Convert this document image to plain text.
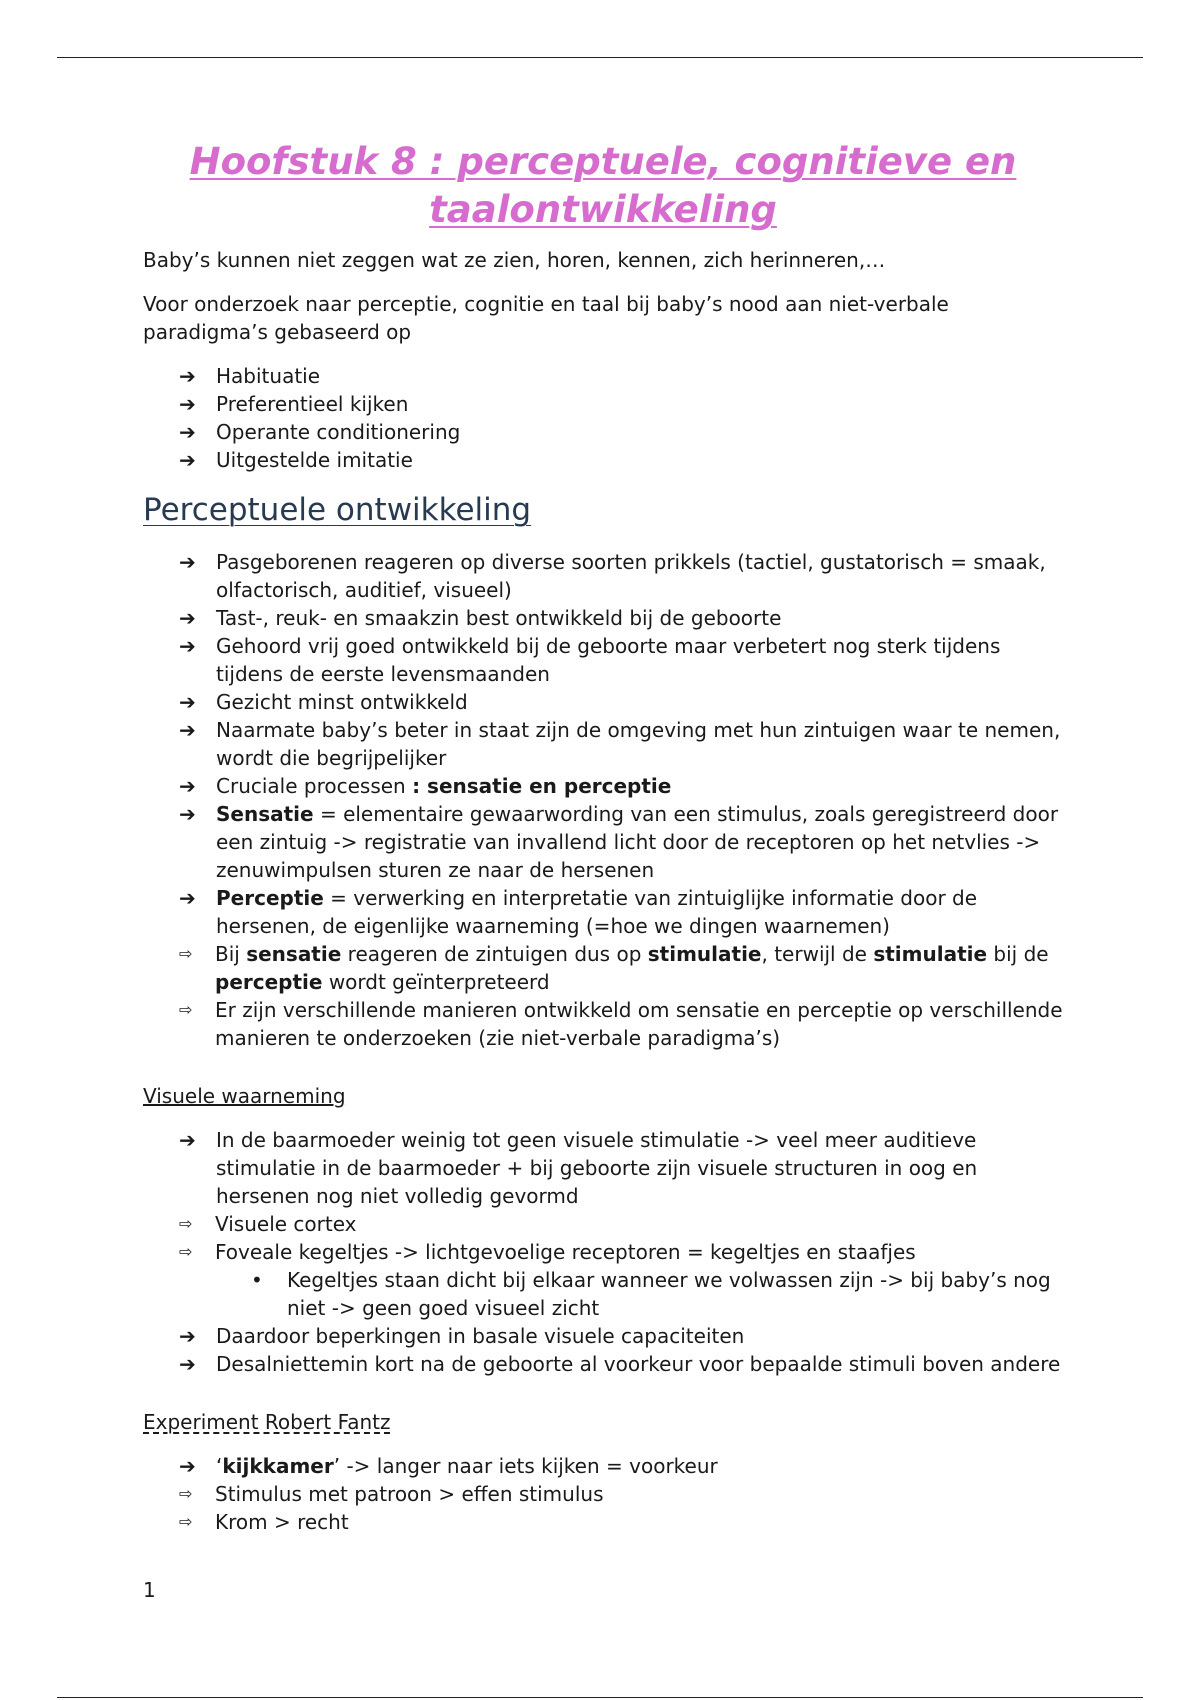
Hoofstuk 8 : perceptuele, cognitieve en taalontwikkeling

Baby’s kunnen niet zeggen wat ze zien, horen, kennen, zich herinneren,…

Voor onderzoek naar perceptie, cognitie en taal bij baby’s nood aan niet-verbale paradigma’s gebaseerd op

➔	Habituatie
➔	Preferentieel kijken
➔	Operante conditionering
➔	Uitgestelde imitatie
Perceptuele ontwikkeling
➔	Pasgeborenen reageren op diverse soorten prikkels (tactiel, gustatorisch = smaak, olfactorisch, auditief, visueel)
➔	Tast-, reuk- en smaakzin best ontwikkeld bij de geboorte
➔	Gehoord vrij goed ontwikkeld bij de geboorte maar verbetert nog sterk tijdens tijdens de eerste levensmaanden
➔	Gezicht minst ontwikkeld
➔	Naarmate baby’s beter in staat zijn de omgeving met hun zintuigen waar te nemen, wordt die begrijpelijker
➔	Cruciale processen : sensatie en perceptie
➔	Sensatie = elementaire gewaarwording van een stimulus, zoals geregistreerd door een zintuig -> registratie van invallend licht door de receptoren op het netvlies -> zenuwimpulsen sturen ze naar de hersenen
➔	Perceptie = verwerking en interpretatie van zintuiglijke informatie door de hersenen, de eigenlijke waarneming (=hoe we dingen waarnemen)
⇨	Bij sensatie reageren de zintuigen dus op stimulatie, terwijl de stimulatie bij de perceptie wordt geïnterpreteerd
⇨	Er zijn verschillende manieren ontwikkeld om sensatie en perceptie op verschillende manieren te onderzoeken (zie niet-verbale paradigma’s)
Visuele waarneming
➔	In de baarmoeder weinig tot geen visuele stimulatie -> veel meer auditieve stimulatie in de baarmoeder + bij geboorte zijn visuele structuren in oog en hersenen nog niet volledig gevormd
⇨	Visuele cortex
⇨	Foveale kegeltjes -> lichtgevoelige receptoren = kegeltjes en staafjes
•	Kegeltjes staan dicht bij elkaar wanneer we volwassen zijn -> bij baby’s nog niet -> geen goed visueel zicht
➔	Daardoor beperkingen in basale visuele capaciteiten
➔	Desalniettemin kort na de geboorte al voorkeur voor bepaalde stimuli boven andere
Experiment Robert Fantz
➔	‘kijkkamer’ -> langer naar iets kijken = voorkeur
⇨	Stimulus met patroon > effen stimulus
⇨	Krom > recht
1
